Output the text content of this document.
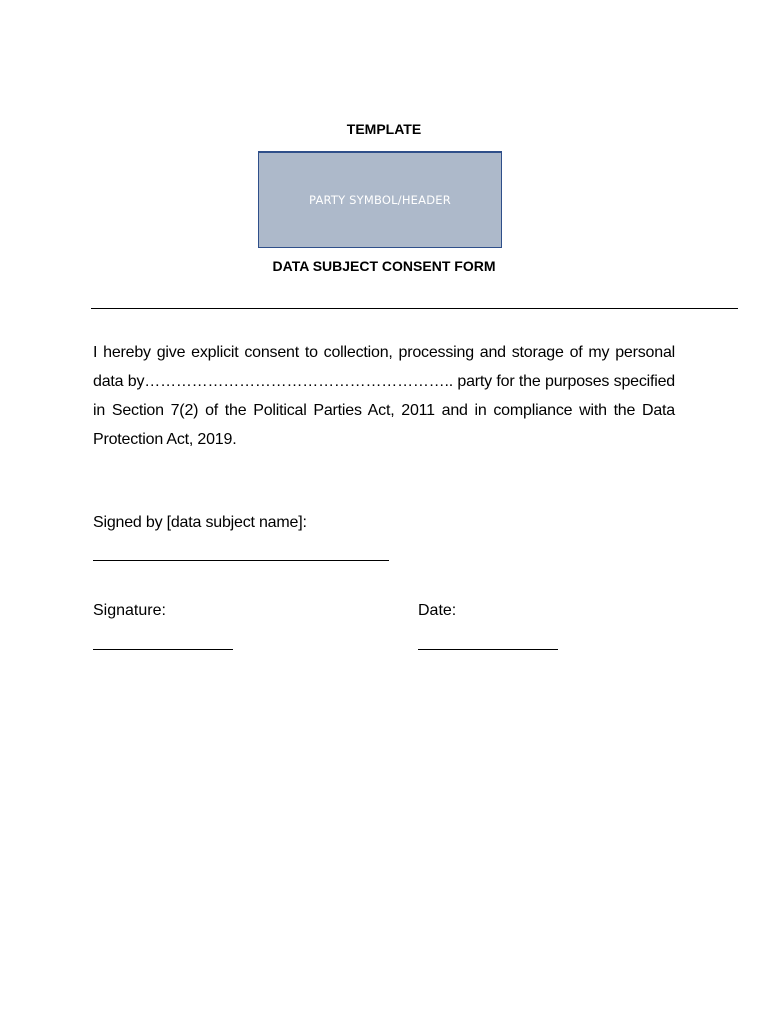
TEMPLATE
PARTY SYMBOL/HEADER
DATA SUBJECT CONSENT FORM

I hereby give explicit consent to collection, processing and storage of my personal data by………………………………………………….. party for the purposes specified in Section 7(2) of the Political Parties Act, 2011 and in compliance with the Data Protection Act, 2019.

Signed by [data subject name]:
Signature:	Date:
